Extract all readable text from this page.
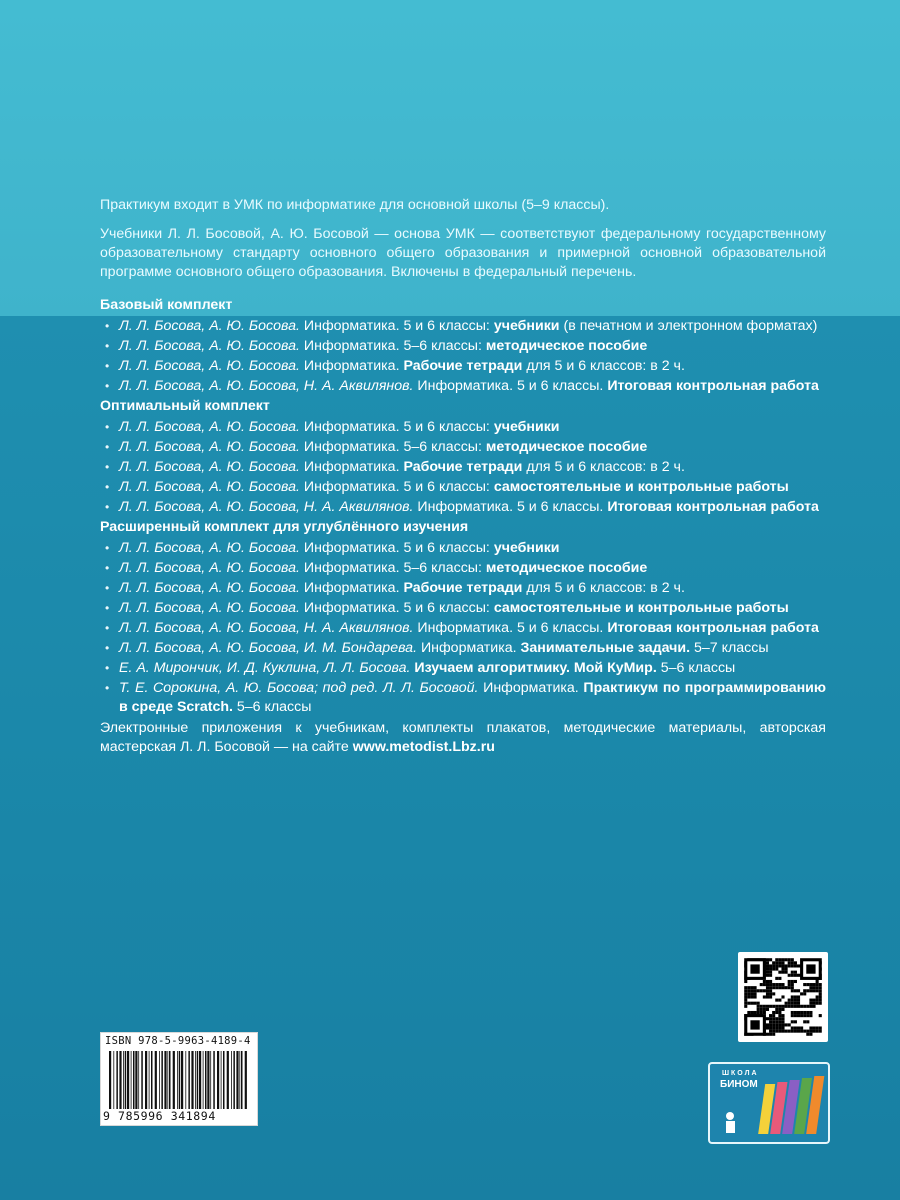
Практикум входит в УМК по информатике для основной школы (5–9 классы).

Учебники Л. Л. Босовой, А. Ю. Босовой — основа УМК — соответствуют федеральному государственному образовательному стандарту основного общего образования и примерной основной образовательной программе основного общего образования. Включены в федеральный перечень.

Базовый комплект
• Л. Л. Босова, А. Ю. Босова. Информатика. 5 и 6 классы: учебники (в печатном и электронном форматах)
• Л. Л. Босова, А. Ю. Босова. Информатика. 5–6 классы: методическое пособие
• Л. Л. Босова, А. Ю. Босова. Информатика. Рабочие тетради для 5 и 6 классов: в 2 ч.
• Л. Л. Босова, А. Ю. Босова, Н. А. Аквилянов. Информатика. 5 и 6 классы. Итоговая контрольная работа
Оптимальный комплект
• Л. Л. Босова, А. Ю. Босова. Информатика. 5 и 6 классы: учебники
• Л. Л. Босова, А. Ю. Босова. Информатика. 5–6 классы: методическое пособие
• Л. Л. Босова, А. Ю. Босова. Информатика. Рабочие тетради для 5 и 6 классов: в 2 ч.
• Л. Л. Босова, А. Ю. Босова. Информатика. 5 и 6 классы: самостоятельные и контрольные работы
• Л. Л. Босова, А. Ю. Босова, Н. А. Аквилянов. Информатика. 5 и 6 классы. Итоговая контрольная работа
Расширенный комплект для углублённого изучения
• Л. Л. Босова, А. Ю. Босова. Информатика. 5 и 6 классы: учебники
• Л. Л. Босова, А. Ю. Босова. Информатика. 5–6 классы: методическое пособие
• Л. Л. Босова, А. Ю. Босова. Информатика. Рабочие тетради для 5 и 6 классов: в 2 ч.
• Л. Л. Босова, А. Ю. Босова. Информатика. 5 и 6 классы: самостоятельные и контрольные работы
• Л. Л. Босова, А. Ю. Босова, Н. А. Аквилянов. Информатика. 5 и 6 классы. Итоговая контрольная работа
• Л. Л. Босова, А. Ю. Босова, И. М. Бондарева. Информатика. Занимательные задачи. 5–7 классы
• Е. А. Мирончик, И. Д. Куклина, Л. Л. Босова. Изучаем алгоритмику. Мой КуМир. 5–6 классы
• Т. Е. Сорокина, А. Ю. Босова; под ред. Л. Л. Босовой. Информатика. Практикум по программированию в среде Scratch. 5–6 классы
Электронные приложения к учебникам, комплекты плакатов, методические материалы, авторская мастерская Л. Л. Босовой — на сайте www.metodist.Lbz.ru
ISBN 978-5-9963-4189-4
9 785996 341894
ШКОЛА
БИНОМ
